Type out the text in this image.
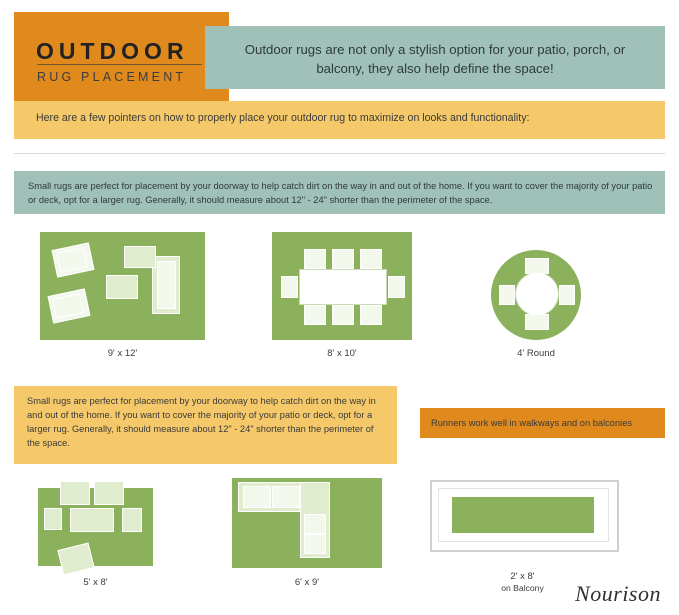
OUTDOOR
RUG PLACEMENT

Outdoor rugs are not only a stylish option for your patio, porch, or balcony, they also help define the space!

Here are a few pointers on how to properly place your outdoor rug to maximize on looks and functionality:

Small rugs are perfect for placement by your doorway to help catch dirt on the way in and out of the home. If you want to cover the majority of your patio or deck, opt for a larger rug. Generally, it should measure about 12" - 24" shorter than the perimeter of the space.

9' x 12'	8' x 10'	4' Round

Small rugs are perfect for placement by your doorway to help catch dirt on the way in and out of the home. If you want to cover the majority of your patio or deck, opt for a larger rug. Generally, it should measure about 12" - 24" shorter than the perimeter of the space.

Runners work well in walkways and on balconies

5' x 8'	6' x 9'
2' x 8'
on Balcony	Nourison
